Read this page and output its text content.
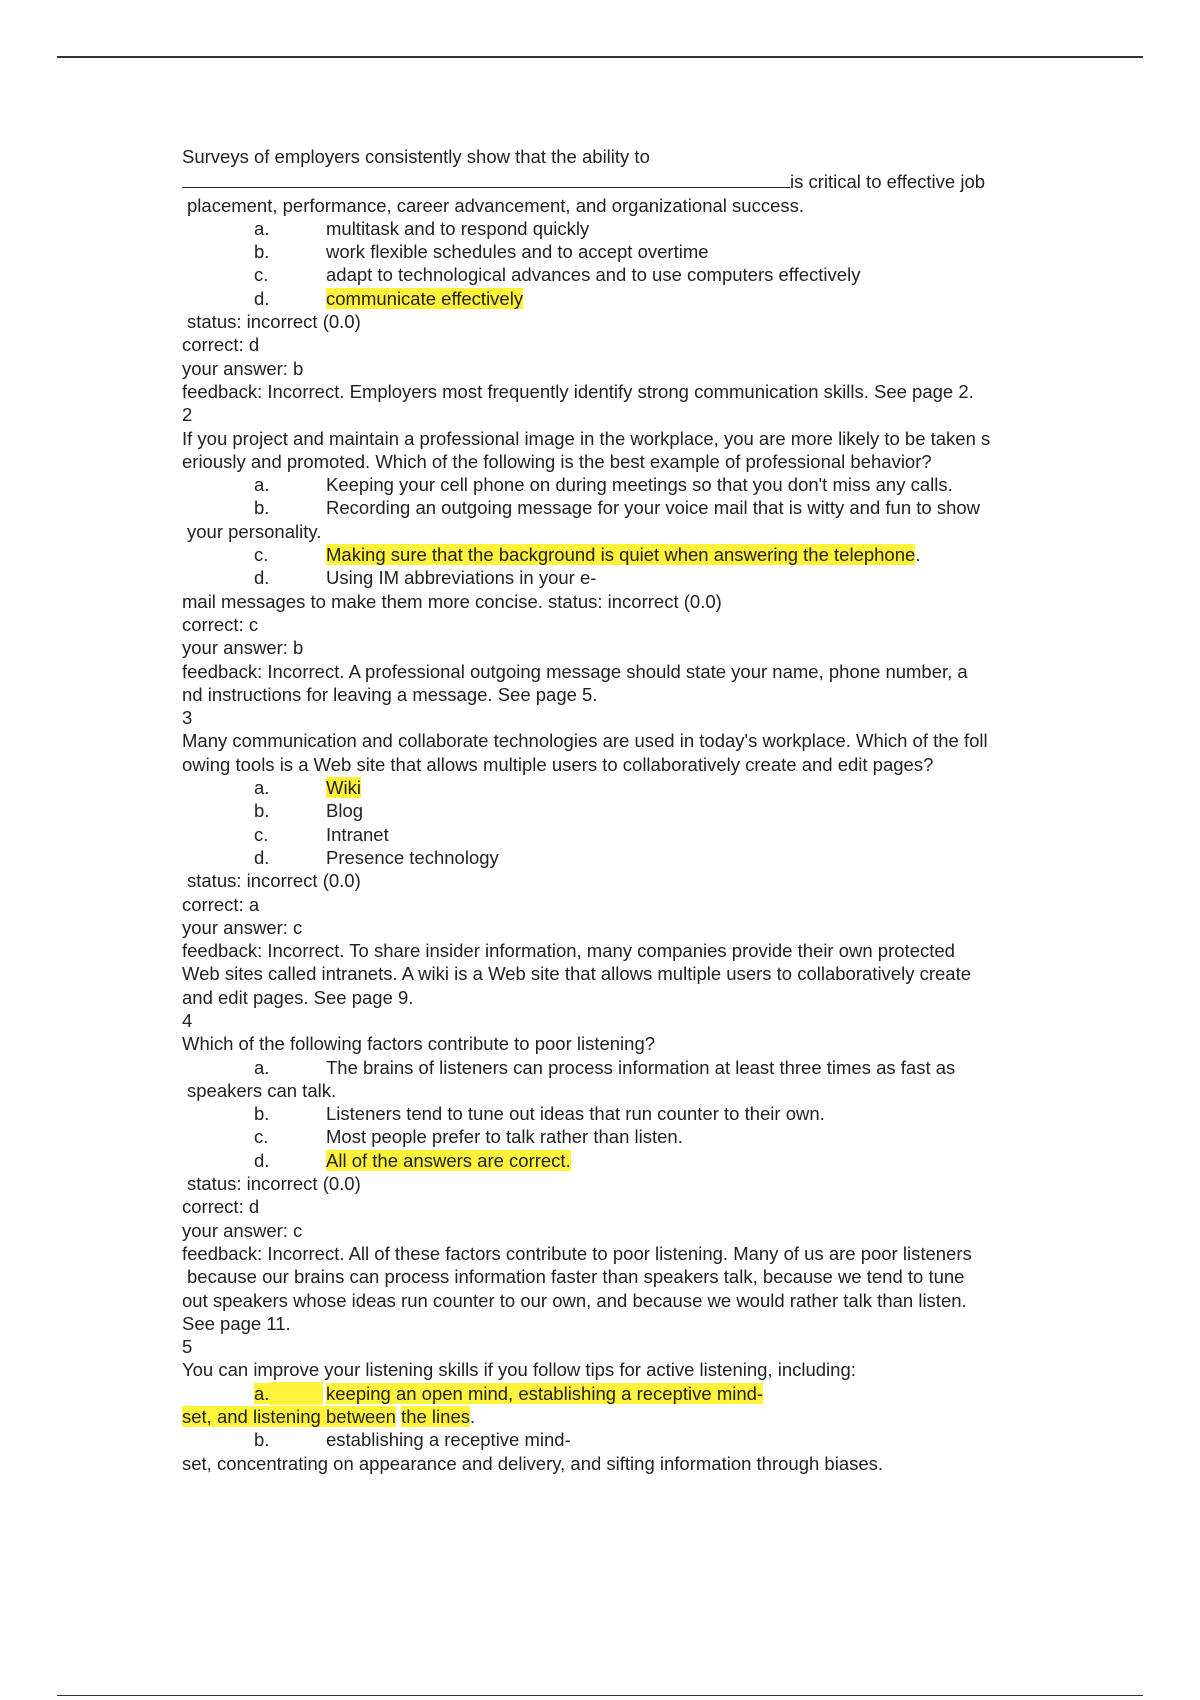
Surveys of employers consistently show that the ability to
is critical to effective job
placement, performance, career advancement, and organizational success.
a.	multitask and to respond quickly
b.	work flexible schedules and to accept overtime
c.	adapt to technological advances and to use computers effectively
d.	communicate effectively
status: incorrect (0.0)
correct: d
your answer: b
feedback: Incorrect. Employers most frequently identify strong communication skills. See page 2.
2
If you project and maintain a professional image in the workplace, you are more likely to be taken s
eriously and promoted. Which of the following is the best example of professional behavior?
a.	Keeping your cell phone on during meetings so that you don't miss any calls.
b.	Recording an outgoing message for your voice mail that is witty and fun to show
your personality.
c.	Making sure that the background is quiet when answering the telephone.
d.	Using IM abbreviations in your e-
mail messages to make them more concise. status: incorrect (0.0)
correct: c
your answer: b
feedback: Incorrect. A professional outgoing message should state your name, phone number, a
nd instructions for leaving a message. See page 5.
3
Many communication and collaborate technologies are used in today's workplace. Which of the foll
owing tools is a Web site that allows multiple users to collaboratively create and edit pages?
a.	Wiki
b.	Blog
c.	Intranet
d.	Presence technology
status: incorrect (0.0)
correct: a
your answer: c
feedback: Incorrect. To share insider information, many companies provide their own protected
Web sites called intranets. A wiki is a Web site that allows multiple users to collaboratively create
and edit pages. See page 9.
4
Which of the following factors contribute to poor listening?
a.	The brains of listeners can process information at least three times as fast as
speakers can talk.
b.	Listeners tend to tune out ideas that run counter to their own.
c.	Most people prefer to talk rather than listen.
d.	All of the answers are correct.
status: incorrect (0.0)
correct: d
your answer: c
feedback: Incorrect. All of these factors contribute to poor listening. Many of us are poor listeners
because our brains can process information faster than speakers talk, because we tend to tune
out speakers whose ideas run counter to our own, and because we would rather talk than listen.
See page 11.
5
You can improve your listening skills if you follow tips for active listening, including:
a.	keeping an open mind, establishing a receptive mind-
set, and listening between the lines.
b.	establishing a receptive mind-
set, concentrating on appearance and delivery, and sifting information through biases.
